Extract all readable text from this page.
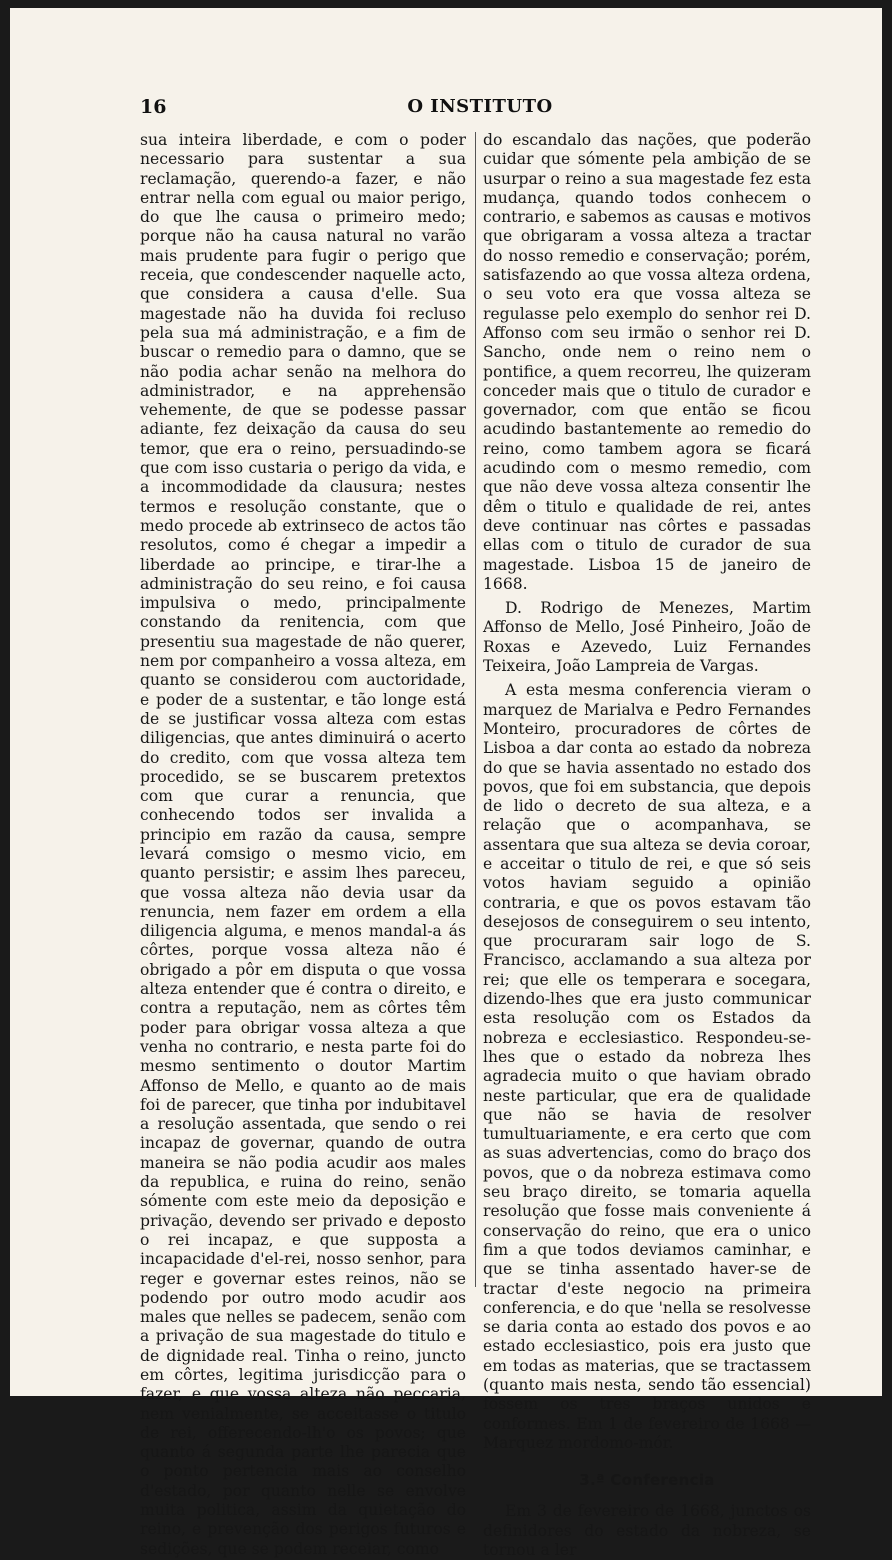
16	O INSTITUTO

sua inteira liberdade, e com o poder necessario para sustentar a sua reclamação, querendo-a fazer, e não entrar nella com egual ou maior perigo, do que lhe causa o primeiro medo; porque não ha causa natural no varão mais prudente para fugir o perigo que receia, que condescender naquelle acto, que considera a causa d'elle. Sua magestade não ha duvida foi recluso pela sua má administração, e a fim de buscar o remedio para o damno, que se não podia achar senão na melhora do administrador, e na apprehensão vehemente, de que se podesse passar adiante, fez deixação da causa do seu temor, que era o reino, persuadindo-se que com isso custaria o perigo da vida, e a incommodidade da clausura; nestes termos e resolução constante, que o medo procede ab extrinseco de actos tão resolutos, como é chegar a impedir a liberdade ao principe, e tirar-lhe a administração do seu reino, e foi causa impulsiva o medo, principalmente constando da renitencia, com que presentiu sua magestade de não querer, nem por companheiro a vossa alteza, em quanto se considerou com auctoridade, e poder de a sustentar, e tão longe está de se justificar vossa alteza com estas diligencias, que antes diminuirá o acerto do credito, com que vossa alteza tem procedido, se se buscarem pretextos com que curar a renuncia, que conhecendo todos ser invalida a principio em razão da causa, sempre levará comsigo o mesmo vicio, em quanto persistir; e assim lhes pareceu, que vossa alteza não devia usar da renuncia, nem fazer em ordem a ella diligencia alguma, e menos mandal-a ás côrtes, porque vossa alteza não é obrigado a pôr em disputa o que vossa alteza entender que é contra o direito, e contra a reputação, nem as côrtes têm poder para obrigar vossa alteza a que venha no contrario, e nesta parte foi do mesmo sentimento o doutor Martim Affonso de Mello, e quanto ao de mais foi de parecer, que tinha por indubitavel a resolução assentada, que sendo o rei incapaz de governar, quando de outra maneira se não podia acudir aos males da republica, e ruina do reino, senão sómente com este meio da deposição e privação, devendo ser privado e deposto o rei incapaz, e que supposta a incapacidade d'el-rei, nosso senhor, para reger e governar estes reinos, não se podendo por outro modo acudir aos males que nelles se padecem, senão com a privação de sua magestade do titulo e de dignidade real. Tinha o reino, juncto em côrtes, legitima jurisdicção para o fazer, e que vossa alteza não peccaria, nem venialmente, se acceitasse o titulo de rei, offerecendo-lh'o os povos; que quanto á segunda parte lhe parecia que o ponto pertencia mais ao conselho d'estado, por quanto nelle se envolve muita politica, assim da quietação do reino, e prevenção dos perigos futuros e sedições, que se podem receiar, como

do escandalo das nações, que poderão cuidar que sómente pela ambição de se usurpar o reino a sua magestade fez esta mudança, quando todos conhecem o contrario, e sabemos as causas e motivos que obrigaram a vossa alteza a tractar do nosso remedio e conservação; porém, satisfazendo ao que vossa alteza ordena, o seu voto era que vossa alteza se regulasse pelo exemplo do senhor rei D. Affonso com seu irmão o senhor rei D. Sancho, onde nem o reino nem o pontifice, a quem recorreu, lhe quizeram conceder mais que o titulo de curador e governador, com que então se ficou acudindo bastantemente ao remedio do reino, como tambem agora se ficará acudindo com o mesmo remedio, com que não deve vossa alteza consentir lhe dêm o titulo e qualidade de rei, antes deve continuar nas côrtes e passadas ellas com o titulo de curador de sua magestade. Lisboa 15 de janeiro de 1668.

D. Rodrigo de Menezes, Martim Affonso de Mello, José Pinheiro, João de Roxas e Azevedo, Luiz Fernandes Teixeira, João Lampreia de Vargas.

A esta mesma conferencia vieram o marquez de Marialva e Pedro Fernandes Monteiro, procuradores de côrtes de Lisboa a dar conta ao estado da nobreza do que se havia assentado no estado dos povos, que foi em substancia, que depois de lido o decreto de sua alteza, e a relação que o acompanhava, se assentara que sua alteza se devia coroar, e acceitar o titulo de rei, e que só seis votos haviam seguido a opinião contraria, e que os povos estavam tão desejosos de conseguirem o seu intento, que procuraram sair logo de S. Francisco, acclamando a sua alteza por rei; que elle os temperara e socegara, dizendo-lhes que era justo communicar esta resolução com os Estados da nobreza e ecclesiastico. Respondeu-se-lhes que o estado da nobreza lhes agradecia muito o que haviam obrado neste particular, que era de qualidade que não se havia de resolver tumultuariamente, e era certo que com as suas advertencias, como do braço dos povos, que o da nobreza estimava como seu braço direito, se tomaria aquella resolução que fosse mais conveniente á conservação do reino, que era o unico fim a que todos deviamos caminhar, e que se tinha assentado haver-se de tractar d'este negocio na primeira conferencia, e do que 'nella se resolvesse se daria conta ao estado dos povos e ao estado ecclesiastico, pois era justo que em todas as materias, que se tractassem (quanto mais nesta, sendo tão essencial) fossem os tres braços unidos e conformes. Em 1 de fevereiro de 1668 — Marquez mordomo-mór.

3.ª Conferencia

Em 3 de fevereiro de 1668, junctos os definidores do estado da nobreza, se tornou a ler
